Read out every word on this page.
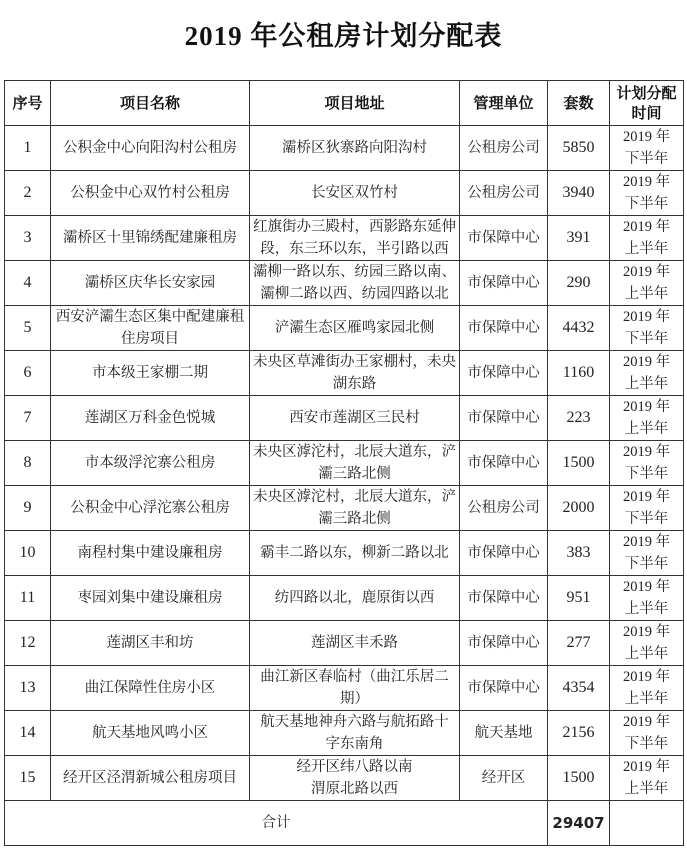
2019 年公租房计划分配表
序号	项目名称	项目地址	管理单位	套数	计划分配
时间
1	公积金中心向阳沟村公租房	灞桥区狄寨路向阳沟村	公租房公司	5850	2019 年
下半年
2	公积金中心双竹村公租房	长安区双竹村	公租房公司	3940	2019 年
下半年
3	灞桥区十里锦绣配建廉租房	红旗街办三殿村，西影路东延伸
段，东三环以东，半引路以西	市保障中心	391	2019 年
上半年
4	灞桥区庆华长安家园	灞柳一路以东、纺园三路以南、
灞柳二路以西、纺园四路以北	市保障中心	290	2019 年
上半年
5	西安浐灞生态区集中配建廉租
住房项目	浐灞生态区雁鸣家园北侧	市保障中心	4432	2019 年
下半年
6	市本级王家棚二期	未央区草滩街办王家棚村，未央
湖东路	市保障中心	1160	2019 年
上半年
7	莲湖区万科金色悦城	西安市莲湖区三民村	市保障中心	223	2019 年
上半年
8	市本级浮沱寨公租房	未央区滹沱村，北辰大道东，浐
灞三路北侧	市保障中心	1500	2019 年
下半年
9	公积金中心浮沱寨公租房	未央区滹沱村，北辰大道东，浐
灞三路北侧	公租房公司	2000	2019 年
下半年
10	南程村集中建设廉租房	霸丰二路以东，柳新二路以北	市保障中心	383	2019 年
下半年
11	枣园刘集中建设廉租房	纺四路以北，鹿原街以西	市保障中心	951	2019 年
上半年
12	莲湖区丰和坊	莲湖区丰禾路	市保障中心	277	2019 年
上半年
13	曲江保障性住房小区	曲江新区春临村（曲江乐居二
期）	市保障中心	4354	2019 年
上半年
14	航天基地风鸣小区	航天基地神舟六路与航拓路十
字东南角	航天基地	2156	2019 年
下半年
15	经开区泾渭新城公租房项目	经开区纬八路以南
渭原北路以西	经开区	1500	2019 年
上半年
合计				29407	
